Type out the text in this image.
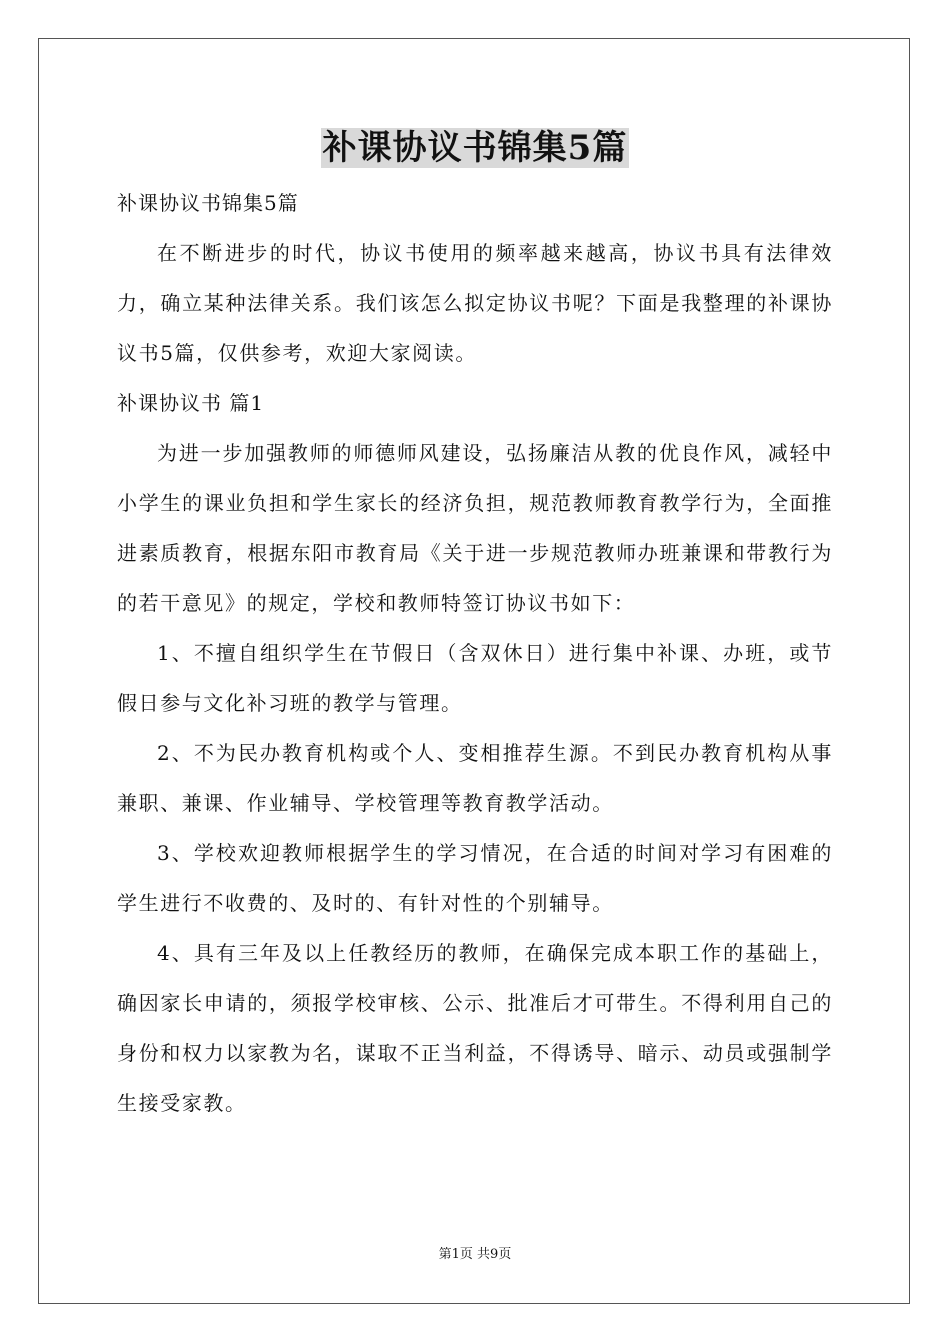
补课协议书锦集5篇

补课协议书锦集5篇

在不断进步的时代，协议书使用的频率越来越高，协议书具有法律效力，确立某种法律关系。我们该怎么拟定协议书呢？下面是我整理的补课协议书5篇，仅供参考，欢迎大家阅读。

补课协议书 篇1

为进一步加强教师的师德师风建设，弘扬廉洁从教的优良作风，减轻中小学生的课业负担和学生家长的经济负担，规范教师教育教学行为，全面推进素质教育，根据东阳市教育局《关于进一步规范教师办班兼课和带教行为的若干意见》的规定，学校和教师特签订协议书如下：

1、不擅自组织学生在节假日（含双休日）进行集中补课、办班，或节假日参与文化补习班的教学与管理。

2、不为民办教育机构或个人、变相推荐生源。不到民办教育机构从事兼职、兼课、作业辅导、学校管理等教育教学活动。

3、学校欢迎教师根据学生的学习情况，在合适的时间对学习有困难的学生进行不收费的、及时的、有针对性的个别辅导。

4、具有三年及以上任教经历的教师，在确保完成本职工作的基础上，确因家长申请的，须报学校审核、公示、批准后才可带生。不得利用自己的身份和权力以家教为名，谋取不正当利益，不得诱导、暗示、动员或强制学生接受家教。

第1页 共9页
